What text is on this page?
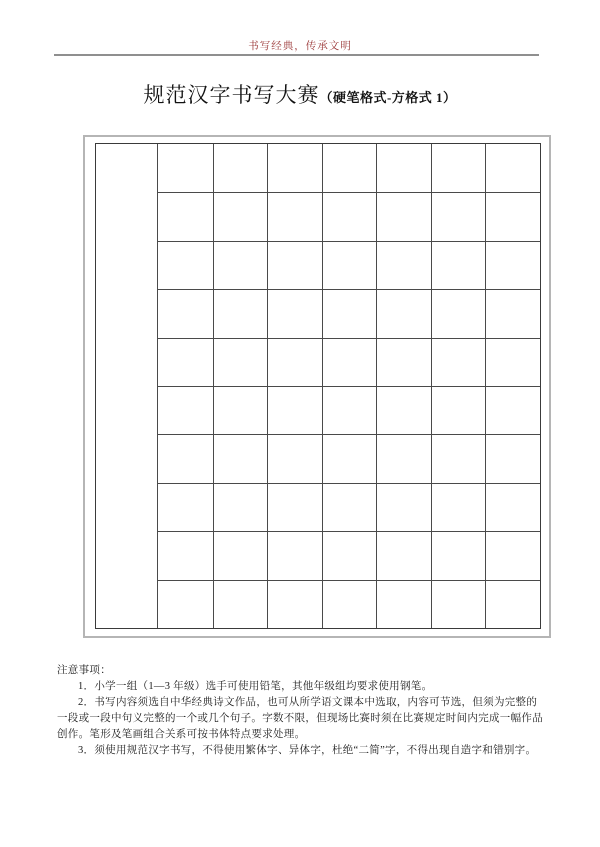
书写经典，传承文明
规范汉字书写大赛（硬笔格式-方格式 1）
注意事项：
1．小学一组（1—3 年级）选手可使用铅笔，其他年级组均要求使用钢笔。
2．书写内容须选自中华经典诗文作品，也可从所学语文课本中选取，内容可节选，但须为完整的
一段或一段中句义完整的一个或几个句子。字数不限，但现场比赛时须在比赛规定时间内完成一幅作品
创作。笔形及笔画组合关系可按书体特点要求处理。
3．须使用规范汉字书写，不得使用繁体字、异体字，杜绝“二简”字，不得出现自造字和错别字。
